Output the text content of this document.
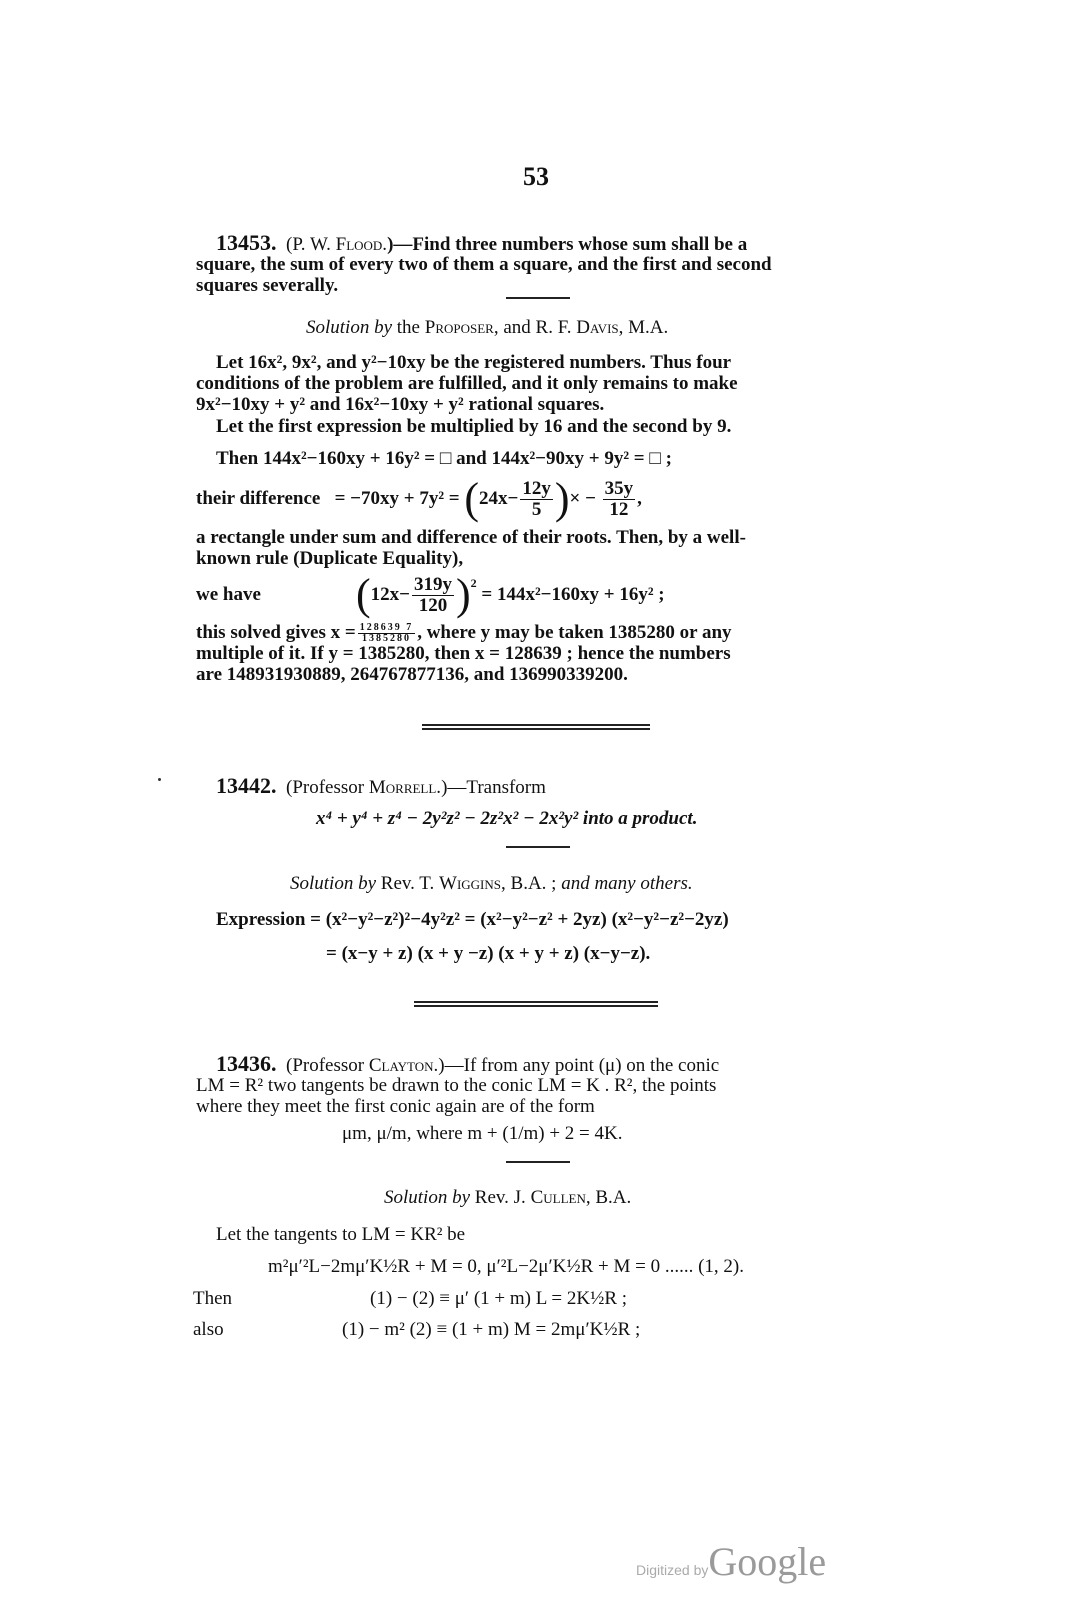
53
13453. (P. W. Flood.)—Find three numbers whose sum shall be a
square, the sum of every two of them a square, and the first and second
squares severally.
Solution by the Proposer, and R. F. Davis, M.A.
Let 16x², 9x², and y²−10xy be the registered numbers. Thus four
conditions of the problem are fulfilled, and it only remains to make
9x²−10xy + y² and 16x²−10xy + y² rational squares.
Let the first expression be multiplied by 16 and the second by 9.
Then 144x²−160xy + 16y² = □ and 144x²−90xy + 9y² = □ ;
their difference
= −70xy + 7y² =
( $24x- \frac{12y}{5}$ ) × −
$\frac{35y}{12}$ ,
a rectangle under sum and difference of their roots. Then, by a well-
known rule (Duplicate Equality),
we have ( $12x- \frac{319y}{120}$ ) 2

= 144x²−160xy + 16y² ;
this solved gives $x = \frac{128639 7}{1385280}$ , where y may be taken 1385280 or any
multiple of it. If y = 1385280, then x = 128639 ; hence the numbers
are 148931930889, 264767877136, and 136990339200.
13442. (Professor Morrell.)—Transform
x⁴ + y⁴ + z⁴ − 2y²z² − 2z²x² − 2x²y² into a product.
Solution by Rev. T. Wiggins, B.A. ; and many others.
Expression = (x²−y²−z²)²−4y²z² = (x²−y²−z² + 2yz) (x²−y²−z²−2yz)
= (x−y + z) (x + y −z) (x + y + z) (x−y−z).
13436. (Professor Clayton.)—If from any point (μ) on the conic
LM = R² two tangents be drawn to the conic LM = K . R², the points
where they meet the first conic again are of the form
μm, μ/m, where m + (1/m) + 2 = 4K.
Solution by Rev. J. Cullen, B.A.
Let the tangents to LM = KR² be
m²μ′²L−2mμ′K½R + M = 0, μ′²L−2μ′K½R + M = 0 ...... (1, 2).
Then	(1) − (2) ≡ μ′ (1 + m) L = 2K½R ;
also	(1) − m² (2) ≡ (1 + m) M = 2mμ′K½R ;
Digitized byGoogle
